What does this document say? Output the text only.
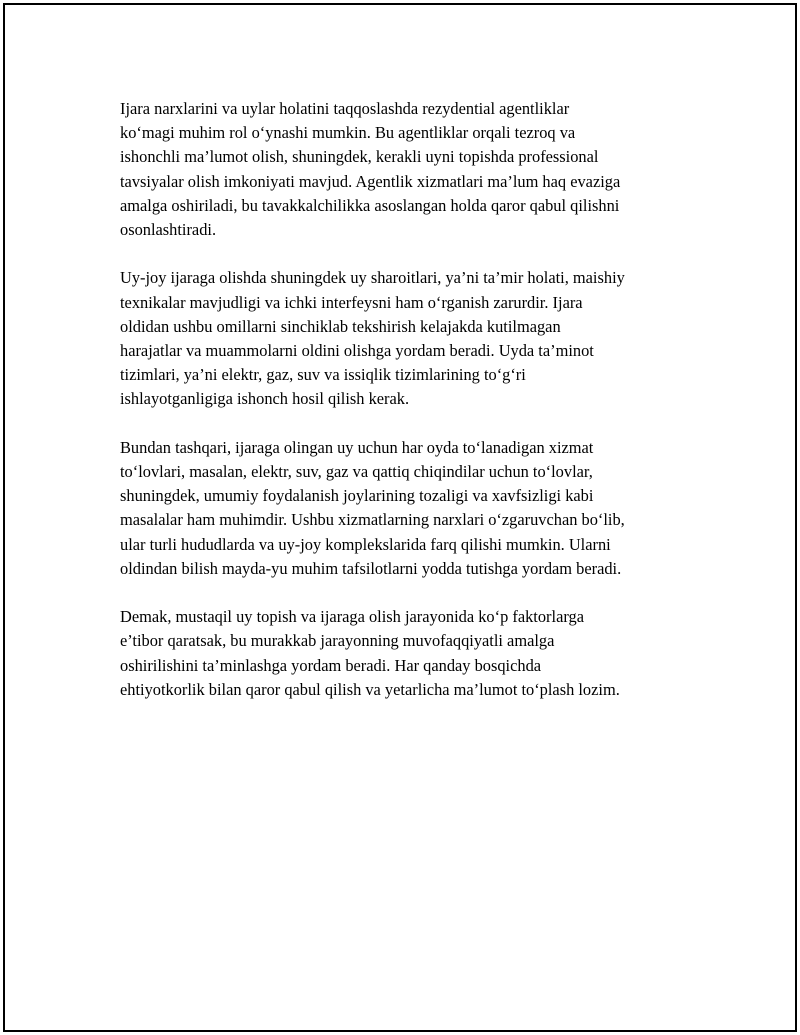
Ijara narxlarini va uylar holatini taqqoslashda rezydential agentliklar
ko‘magi muhim rol o‘ynashi mumkin. Bu agentliklar orqali tezroq va
ishonchli ma’lumot olish, shuningdek, kerakli uyni topishda professional
tavsiyalar olish imkoniyati mavjud. Agentlik xizmatlari ma’lum haq evaziga
amalga oshiriladi, bu tavakkalchilikka asoslangan holda qaror qabul qilishni
osonlashtiradi.

Uy-joy ijaraga olishda shuningdek uy sharoitlari, ya’ni ta’mir holati, maishiy
texnikalar mavjudligi va ichki interfeysni ham o‘rganish zarurdir. Ijara
oldidan ushbu omillarni sinchiklab tekshirish kelajakda kutilmagan
harajatlar va muammolarni oldini olishga yordam beradi. Uyda ta’minot
tizimlari, ya’ni elektr, gaz, suv va issiqlik tizimlarining to‘g‘ri
ishlayotganligiga ishonch hosil qilish kerak.

Bundan tashqari, ijaraga olingan uy uchun har oyda to‘lanadigan xizmat
to‘lovlari, masalan, elektr, suv, gaz va qattiq chiqindilar uchun to‘lovlar,
shuningdek, umumiy foydalanish joylarining tozaligi va xavfsizligi kabi
masalalar ham muhimdir. Ushbu xizmatlarning narxlari o‘zgaruvchan bo‘lib,
ular turli hududlarda va uy-joy komplekslarida farq qilishi mumkin. Ularni
oldindan bilish mayda-yu muhim tafsilotlarni yodda tutishga yordam beradi.

Demak, mustaqil uy topish va ijaraga olish jarayonida ko‘p faktorlarga
e’tibor qaratsak, bu murakkab jarayonning muvofaqqiyatli amalga
oshirilishini ta’minlashga yordam beradi. Har qanday bosqichda
ehtiyotkorlik bilan qaror qabul qilish va yetarlicha ma’lumot to‘plash lozim.
